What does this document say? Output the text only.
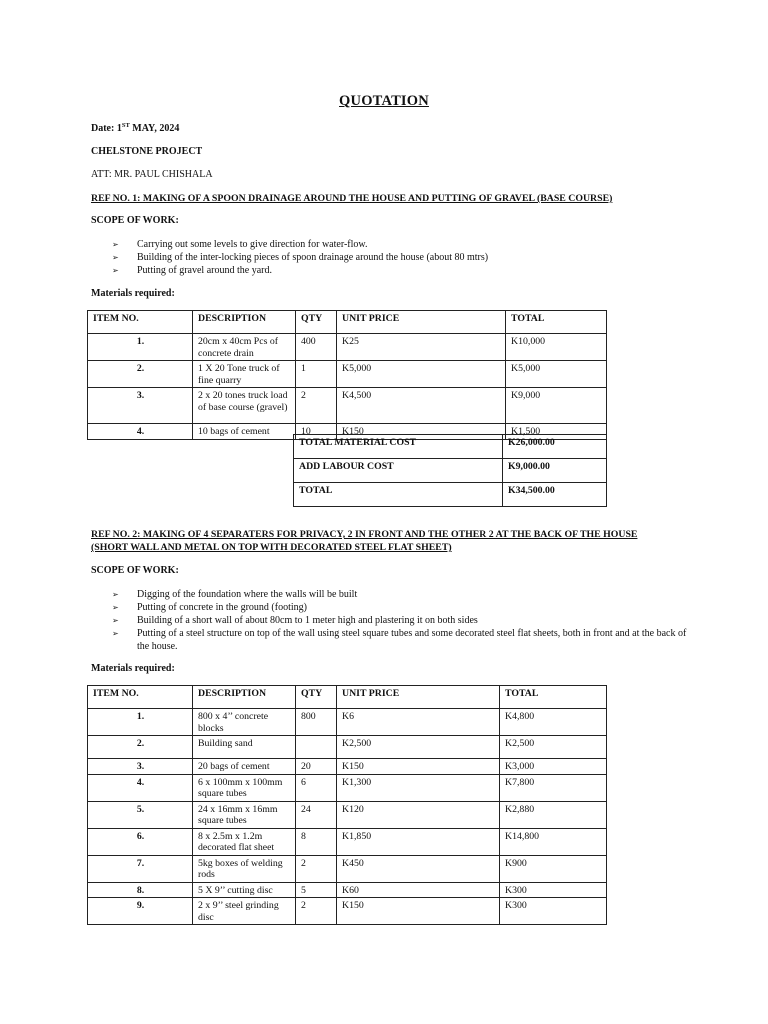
QUOTATION
Date: 1ST MAY, 2024
CHELSTONE PROJECT
ATT: MR. PAUL CHISHALA
REF NO. 1: MAKING OF A SPOON DRAINAGE AROUND THE HOUSE AND PUTTING OF GRAVEL (BASE COURSE)
SCOPE OF WORK:
➢ Carrying out some levels to give direction for water-flow.
➢ Building of the inter-locking pieces of spoon drainage around the house (about 80 mtrs)
➢ Putting of gravel around the yard.
Materials required:
ITEM NO.	DESCRIPTION	QTY	UNIT PRICE	TOTAL
1.	20cm x 40cm Pcs of concrete drain	400	K25	K10,000
2.	1 X 20 Tone truck of fine quarry	1	K5,000	K5,000
3.	2 x 20 tones truck load of base course (gravel)	2	K4,500	K9,000
4.	10 bags of cement	10	K150	K1,500
TOTAL MATERIAL COST	K26,000.00
ADD LABOUR COST	K9,000.00
TOTAL	K34,500.00
REF NO. 2: MAKING OF 4 SEPARATERS FOR PRIVACY, 2 IN FRONT AND THE OTHER 2 AT THE BACK OF THE HOUSE
(SHORT WALL AND METAL ON TOP WITH DECORATED STEEL FLAT SHEET)
SCOPE OF WORK:
➢ Digging of the foundation where the walls will be built
➢ Putting of concrete in the ground (footing)
➢ Building of a short wall of about 80cm to 1 meter high and plastering it on both sides
➢ Putting of a steel structure on top of the wall using steel square tubes and some decorated steel flat sheets, both in front and at the back of the house.
Materials required:
ITEM NO.	DESCRIPTION	QTY	UNIT PRICE	TOTAL
1.	800 x 4’’ concrete blocks	800	K6	K4,800
2.	Building sand		K2,500	K2,500
3.	20 bags of cement	20	K150	K3,000
4.	6 x 100mm x 100mm square tubes	6	K1,300	K7,800
5.	24 x 16mm x 16mm square tubes	24	K120	K2,880
6.	8 x 2.5m x 1.2m decorated flat sheet	8	K1,850	K14,800
7.	5kg boxes of welding rods	2	K450	K900
8.	5 X 9’’ cutting disc	5	K60	K300
9.	2 x 9’’ steel grinding disc	2	K150	K300
